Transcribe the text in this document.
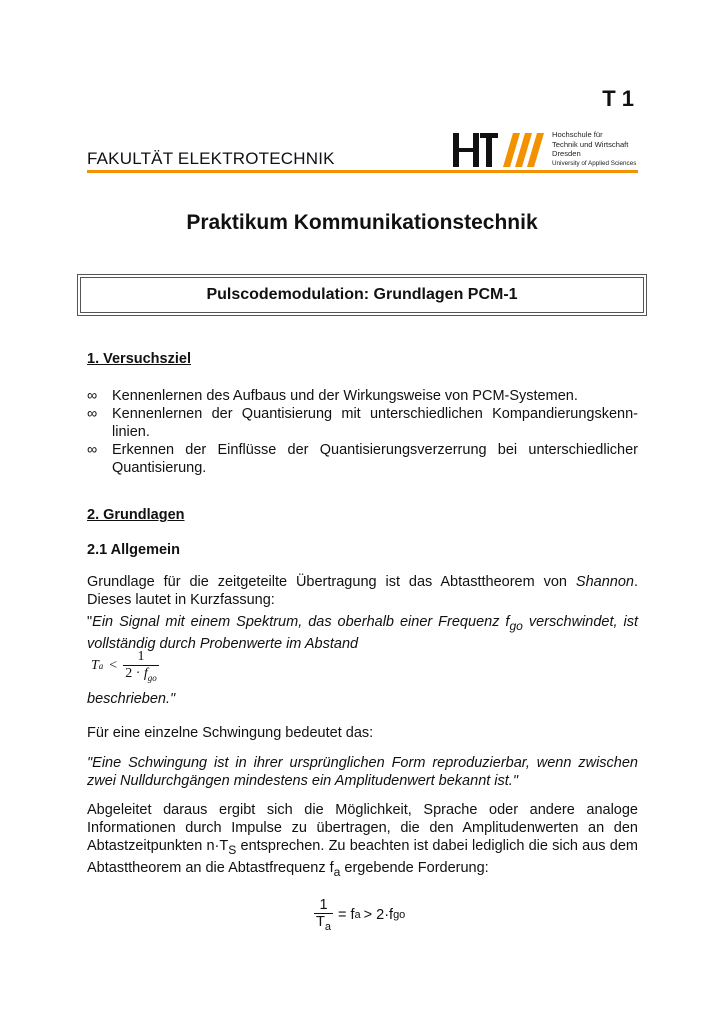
T 1
Hochschule für
Technik und Wirtschaft
Dresden
University of Applied Sciences
FAKULTÄT ELEKTROTECHNIK
Praktikum Kommunikationstechnik
Pulscodemodulation: Grundlagen PCM-1
1. Versuchsziel
∞	Kennenlernen des Aufbaus und der Wirkungsweise von PCM-Systemen.
∞	Kennenlernen der Quantisierung mit unterschiedlichen Kompandierungskenn-linien.
∞	Erkennen der Einflüsse der Quantisierungsverzerrung bei unterschiedlicher Quantisierung.
2. Grundlagen
2.1 Allgemein
Grundlage für die zeitgeteilte Übertragung ist das Abtasttheorem von Shannon. Dieses lautet in Kurzfassung:
"Ein Signal mit einem Spektrum, das oberhalb einer Frequenz $f_{go}$ verschwindet, ist vollständig durch Probenwerte im Abstand
T $a < \frac{1}{2 \cdot f_{go}}$
beschrieben."
Für eine einzelne Schwingung bedeutet das:
"Eine Schwingung ist in ihrer ursprünglichen Form reproduzierbar, wenn zwischen zwei Nulldurchgängen mindestens ein Amplitudenwert bekannt ist."
Abgeleitet daraus ergibt sich die Möglichkeit, Sprache oder andere analoge Informationen durch Impulse zu übertragen, die den Amplitudenwerten an den Abtastzeitpunkten $n\cdot T_S$ entsprechen. Zu beachten ist dabei lediglich die sich aus dem Abtasttheorem an die Abtastfrequenz $f_a$ ergebende Forderung:
$\frac{1}{T_a} = f$ a > 2·f go
